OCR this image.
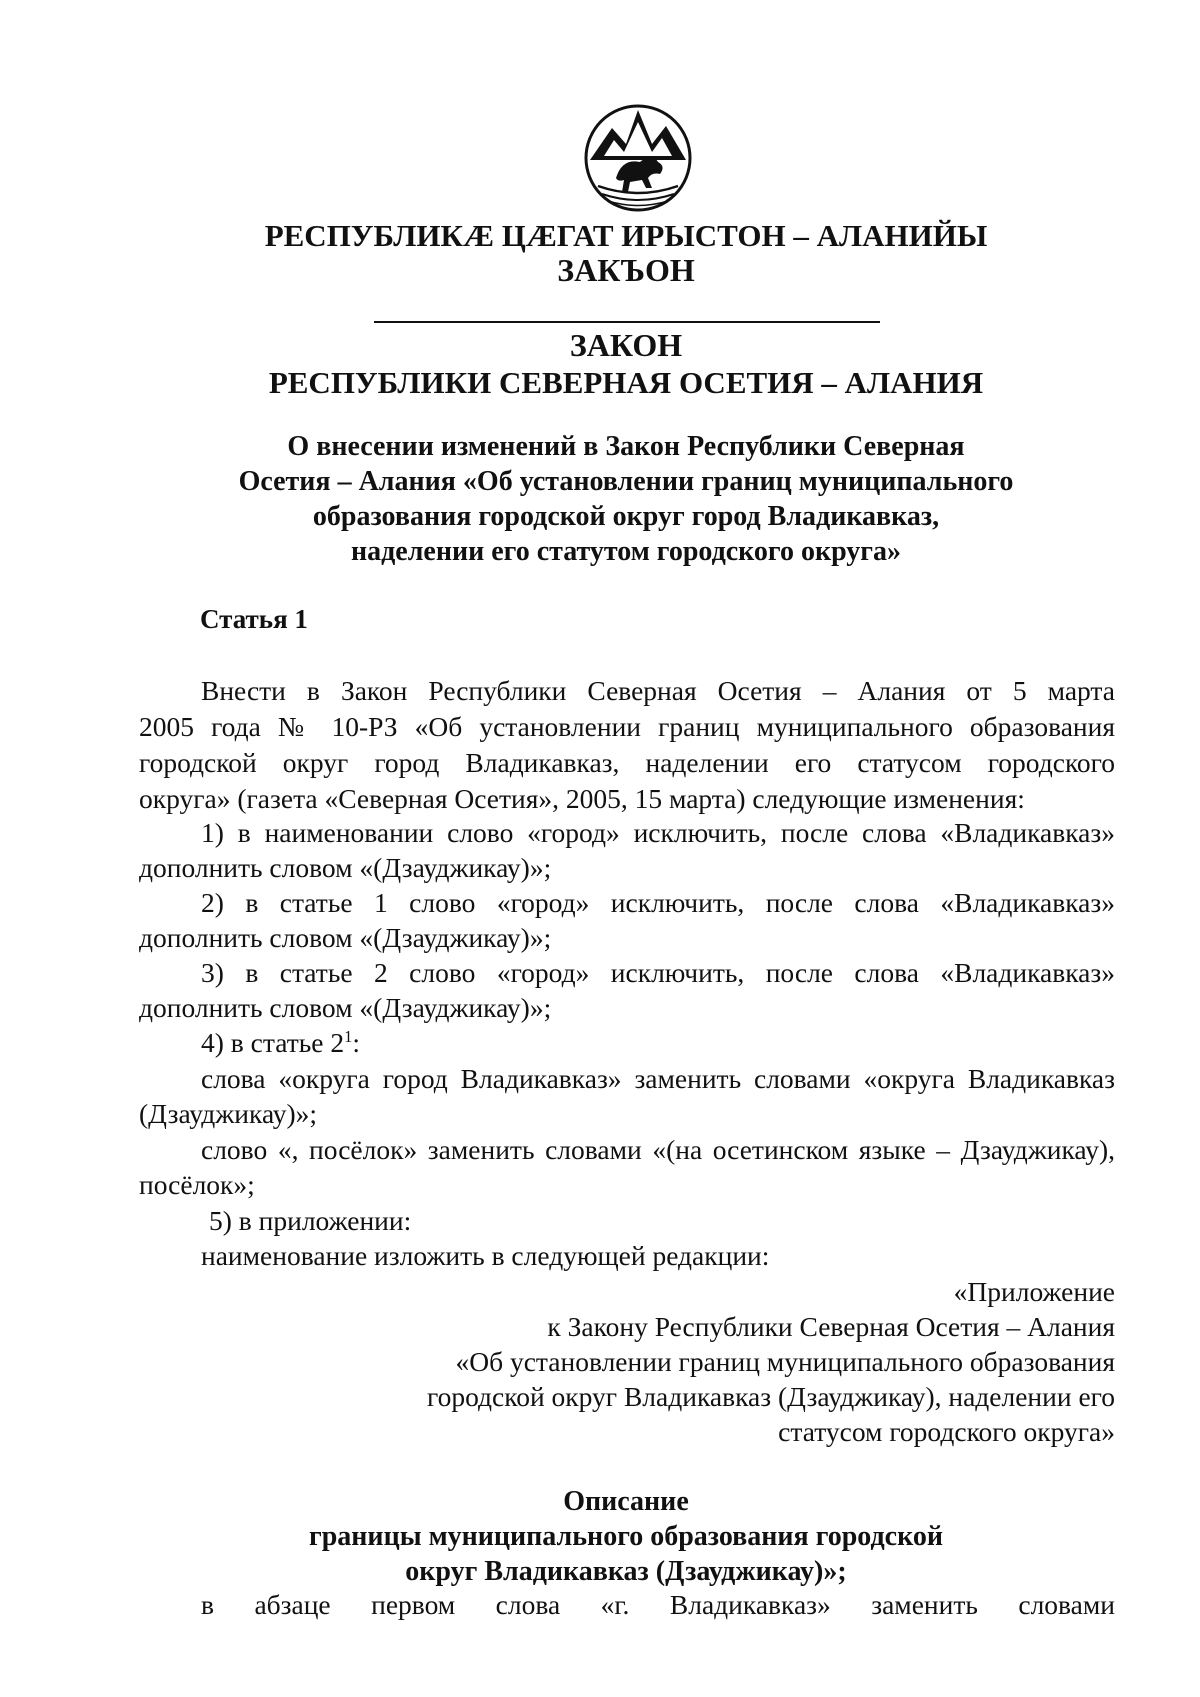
РЕСПУБЛИКÆ ЦÆГАТ ИРЫСТОН – АЛАНИЙЫ
ЗАКЪОН
ЗАКОН
РЕСПУБЛИКИ СЕВЕРНАЯ ОСЕТИЯ – АЛАНИЯ
О внесении изменений в Закон Республики Северная
Осетия – Алания «Об установлении границ муниципального
образования городской округ город Владикавказ,
наделении его статутом городского округа»
Статья 1
Внести в Закон Республики Северная Осетия – Алания от 5 марта
2005 года № 10-РЗ «Об установлении границ муниципального образования
городской округ город Владикавказ, наделении его статусом городского
округа» (газета «Северная Осетия», 2005, 15 марта) следующие изменения:
1) в наименовании слово «город» исключить, после слова «Владикавказ»
дополнить словом «(Дзауджикау)»;
2) в статье 1 слово «город» исключить, после слова «Владикавказ»
дополнить словом «(Дзауджикау)»;
3) в статье 2 слово «город» исключить, после слова «Владикавказ»
дополнить словом «(Дзауджикау)»;
4) в статье $2^1$:
слова «округа город Владикавказ» заменить словами «округа Владикавказ
(Дзауджикау)»;
слово «, посёлок» заменить словами «(на осетинском языке – Дзауджикау),
посёлок»;
5) в приложении:
наименование изложить в следующей редакции:
«Приложение
к Закону Республики Северная Осетия – Алания
«Об установлении границ муниципального образования
городской округ Владикавказ (Дзауджикау), наделении его
статусом городского округа»
Описание
границы муниципального образования городской
округ Владикавказ (Дзауджикау)»;
в абзаце первом слова «г. Владикавказ» заменить словами
